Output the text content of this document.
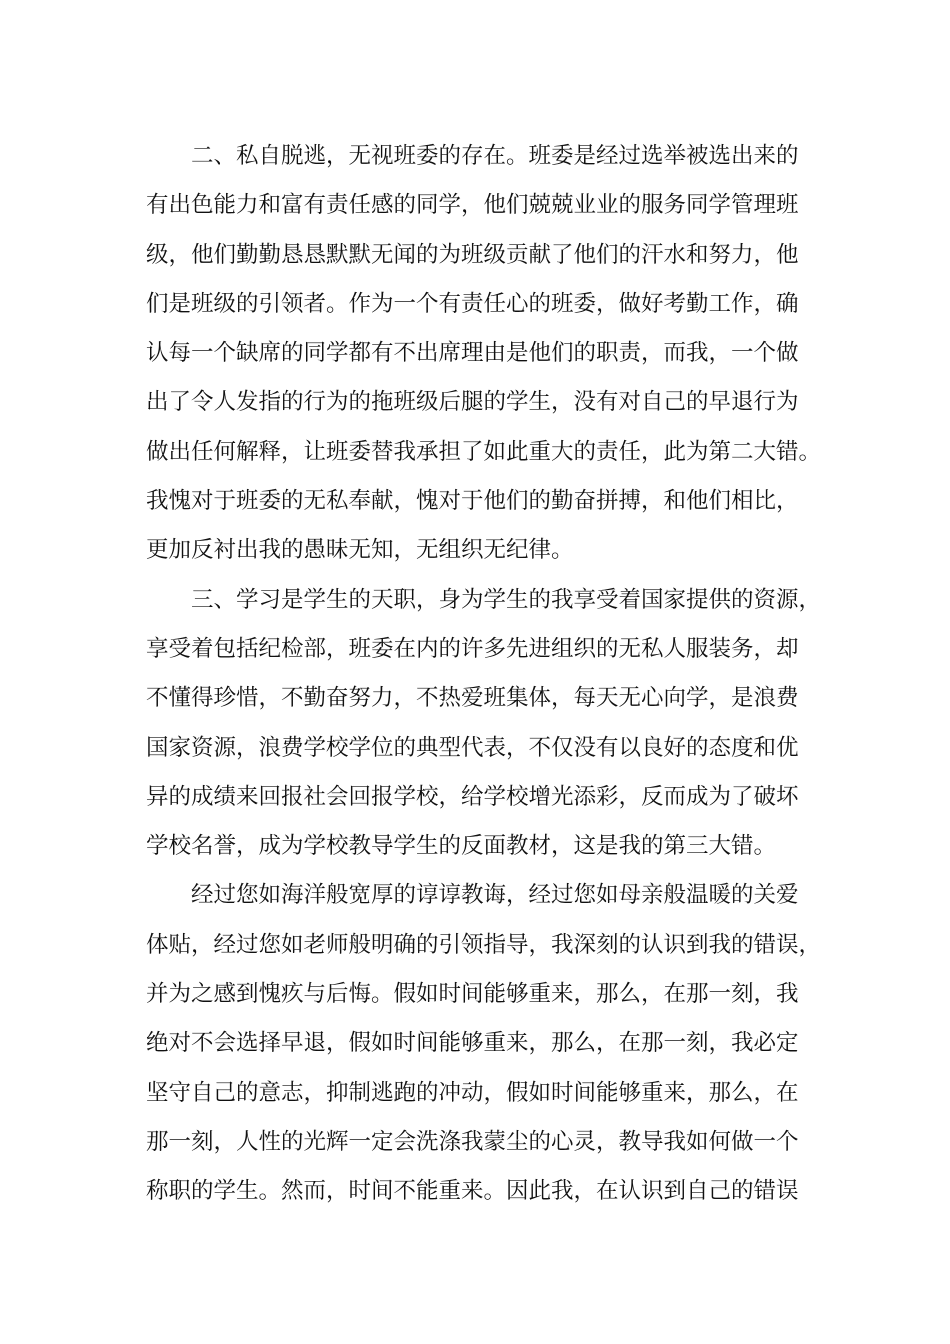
二、私自脱逃，无视班委的存在。班委是经过选举被选出来的
有出色能力和富有责任感的同学，他们兢兢业业的服务同学管理班
级，他们勤勤恳恳默默无闻的为班级贡献了他们的汗水和努力，他
们是班级的引领者。作为一个有责任心的班委，做好考勤工作，确
认每一个缺席的同学都有不出席理由是他们的职责，而我，一个做
出了令人发指的行为的拖班级后腿的学生，没有对自己的早退行为
做出任何解释，让班委替我承担了如此重大的责任，此为第二大错。
我愧对于班委的无私奉献，愧对于他们的勤奋拼搏，和他们相比，
更加反衬出我的愚昧无知，无组织无纪律。
三、学习是学生的天职，身为学生的我享受着国家提供的资源，
享受着包括纪检部，班委在内的许多先进组织的无私人服装务，却
不懂得珍惜，不勤奋努力，不热爱班集体，每天无心向学，是浪费
国家资源，浪费学校学位的典型代表，不仅没有以良好的态度和优
异的成绩来回报社会回报学校，给学校增光添彩，反而成为了破坏
学校名誉，成为学校教导学生的反面教材，这是我的第三大错。
经过您如海洋般宽厚的谆谆教诲，经过您如母亲般温暖的关爱
体贴，经过您如老师般明确的引领指导，我深刻的认识到我的错误，
并为之感到愧疚与后悔。假如时间能够重来，那么，在那一刻，我
绝对不会选择早退，假如时间能够重来，那么，在那一刻，我必定
坚守自己的意志，抑制逃跑的冲动，假如时间能够重来，那么，在
那一刻，人性的光辉一定会洗涤我蒙尘的心灵，教导我如何做一个
称职的学生。然而，时间不能重来。因此我，在认识到自己的错误
